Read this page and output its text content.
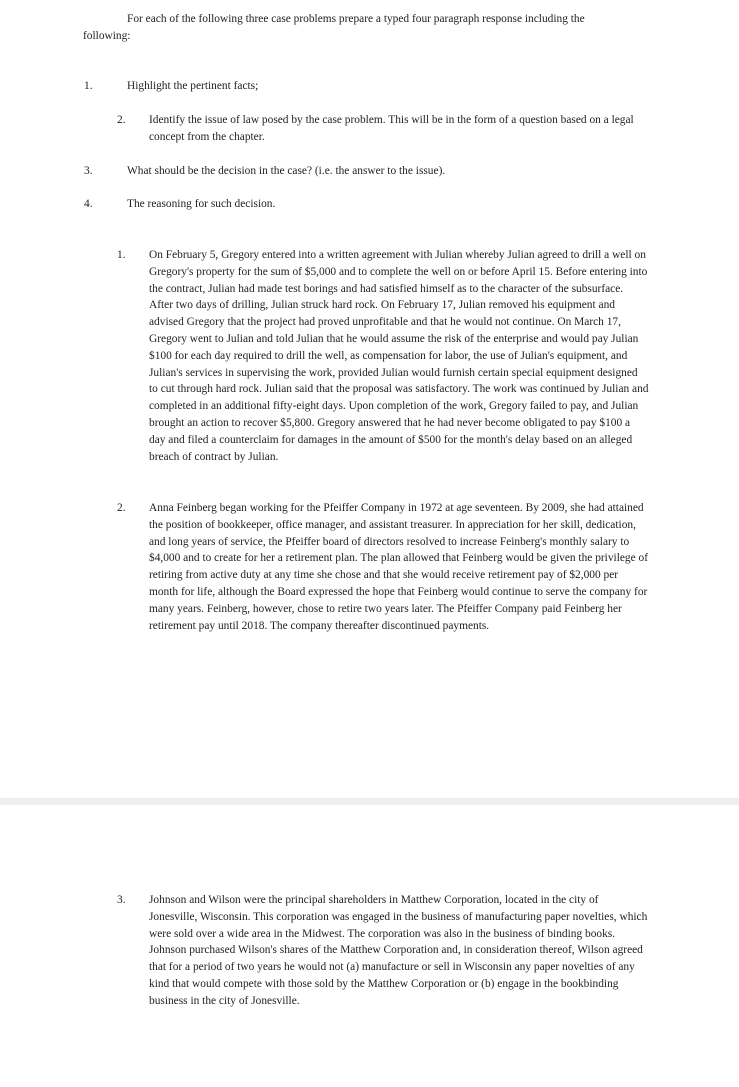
For each of the following three case problems prepare a typed four paragraph response including the
following:
1.	Highlight the pertinent facts;
2. Identify the issue of law posed by the case problem. This will be in the form of a question based on a legal concept from the chapter.
3.	What should be the decision in the case? (i.e. the answer to the issue).
4.	The reasoning for such decision.
1. On February 5, Gregory entered into a written agreement with Julian whereby Julian agreed to drill a well on Gregory's property for the sum of $5,000 and to complete the well on or before April 15. Before entering into the contract, Julian had made test borings and had satisfied himself as to the character of the subsurface. After two days of drilling, Julian struck hard rock. On February 17, Julian removed his equipment and advised Gregory that the project had proved unprofitable and that he would not continue. On March 17, Gregory went to Julian and told Julian that he would assume the risk of the enterprise and would pay Julian $100 for each day required to drill the well, as compensation for labor, the use of Julian's equipment, and Julian's services in supervising the work, provided Julian would furnish certain special equipment designed to cut through hard rock. Julian said that the proposal was satisfactory. The work was continued by Julian and completed in an additional fifty-eight days. Upon completion of the work, Gregory failed to pay, and Julian brought an action to recover $5,800. Gregory answered that he had never become obligated to pay $100 a day and filed a counterclaim for damages in the amount of $500 for the month's delay based on an alleged breach of contract by Julian.
2. Anna Feinberg began working for the Pfeiffer Company in 1972 at age seventeen. By 2009, she had attained the position of bookkeeper, office manager, and assistant treasurer. In appreciation for her skill, dedication, and long years of service, the Pfeiffer board of directors resolved to increase Feinberg's monthly salary to $4,000 and to create for her a retirement plan. The plan allowed that Feinberg would be given the privilege of retiring from active duty at any time she chose and that she would receive retirement pay of $2,000 per month for life, although the Board expressed the hope that Feinberg would continue to serve the company for many years. Feinberg, however, chose to retire two years later. The Pfeiffer Company paid Feinberg her retirement pay until 2018. The company thereafter discontinued payments.
3. Johnson and Wilson were the principal shareholders in Matthew Corporation, located in the city of Jonesville, Wisconsin. This corporation was engaged in the business of manufacturing paper novelties, which were sold over a wide area in the Midwest. The corporation was also in the business of binding books. Johnson purchased Wilson's shares of the Matthew Corporation and, in consideration thereof, Wilson agreed that for a period of two years he would not (a) manufacture or sell in Wisconsin any paper novelties of any kind that would compete with those sold by the Matthew Corporation or (b) engage in the bookbinding business in the city of Jonesville.
